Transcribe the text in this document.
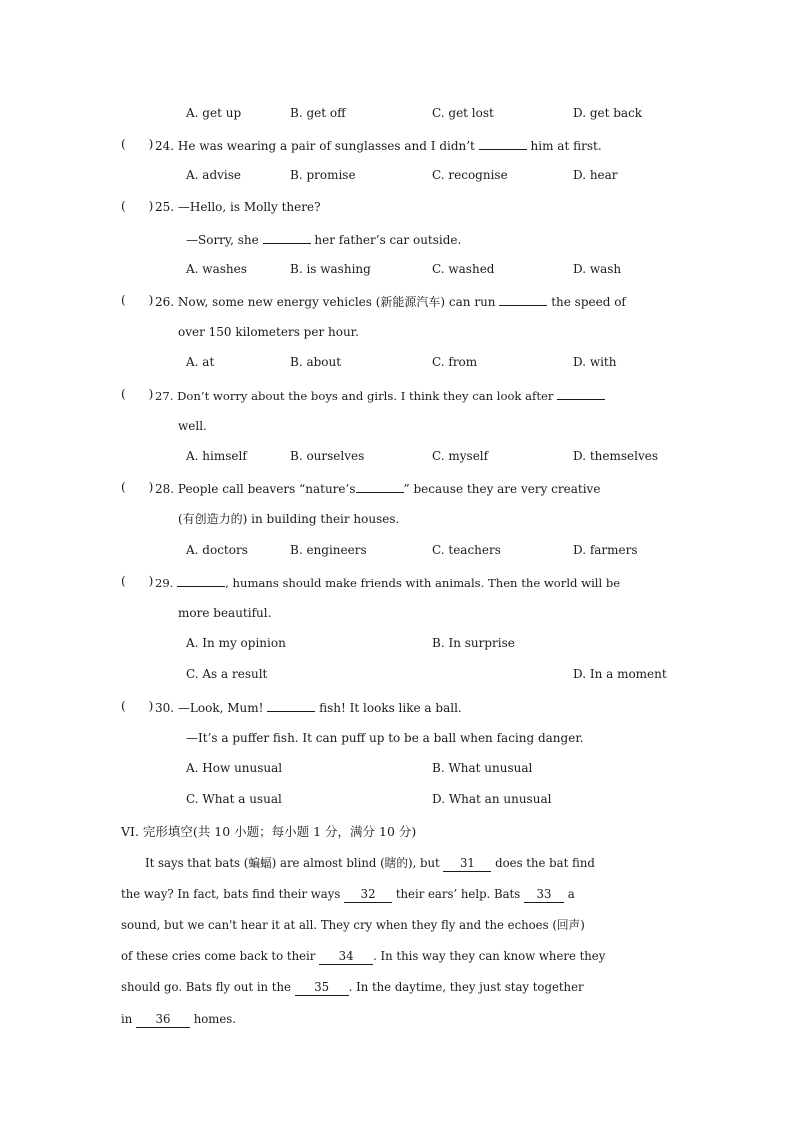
A. get up	B. get off	C. get lost	D. get back
(      ) 24. He was wearing a pair of sunglasses and I didn’t	him at first.
A. advise	B. promise	C. recognise	D. hear
(      ) 25. —Hello, is Molly there?
—Sorry, she	her father’s car outside.
A. washes	B. is washing	C. washed	D. wash
(      ) 26. Now, some new energy vehicles (新能源汽车) can run	the speed of
over 150 kilometers per hour.
A. at	B. about	C. from	D. with
(      ) 27. Don’t worry about the boys and girls. I think they can look after
well.
A. himself	B. ourselves	C. myself	D. themselves
(      ) 28. People call beavers “nature’s	” because they are very creative
(有创造力的) in building their houses.
A. doctors	B. engineers	C. teachers	D. farmers
(      ) 29.	, humans should make friends with animals. Then the world will be
more beautiful.
A. In my opinion	B. In surprise
C. As a result	D. In a moment
(      ) 30. —Look, Mum!	fish! It looks like a ball.
—It’s a puffer fish. It can puff up to be a ball when facing danger.
A. How unusual	B. What unusual
C. What a usual	D. What an unusual
VI. 完形填空(共 10 小题；每小题 1 分，满分 10 分)
It says that bats (蝙蝠) are almost blind (瞎的), but 31 does the bat find
the way? In fact, bats find their ways 32 their ears’ help. Bats 33 a
sound, but we can't hear it at all. They cry when they fly and the echoes (回声)
of these cries come back to their 34 . In this way they can know where they
should go. Bats fly out in the 35 . In the daytime, they just stay together
in 36 homes.
